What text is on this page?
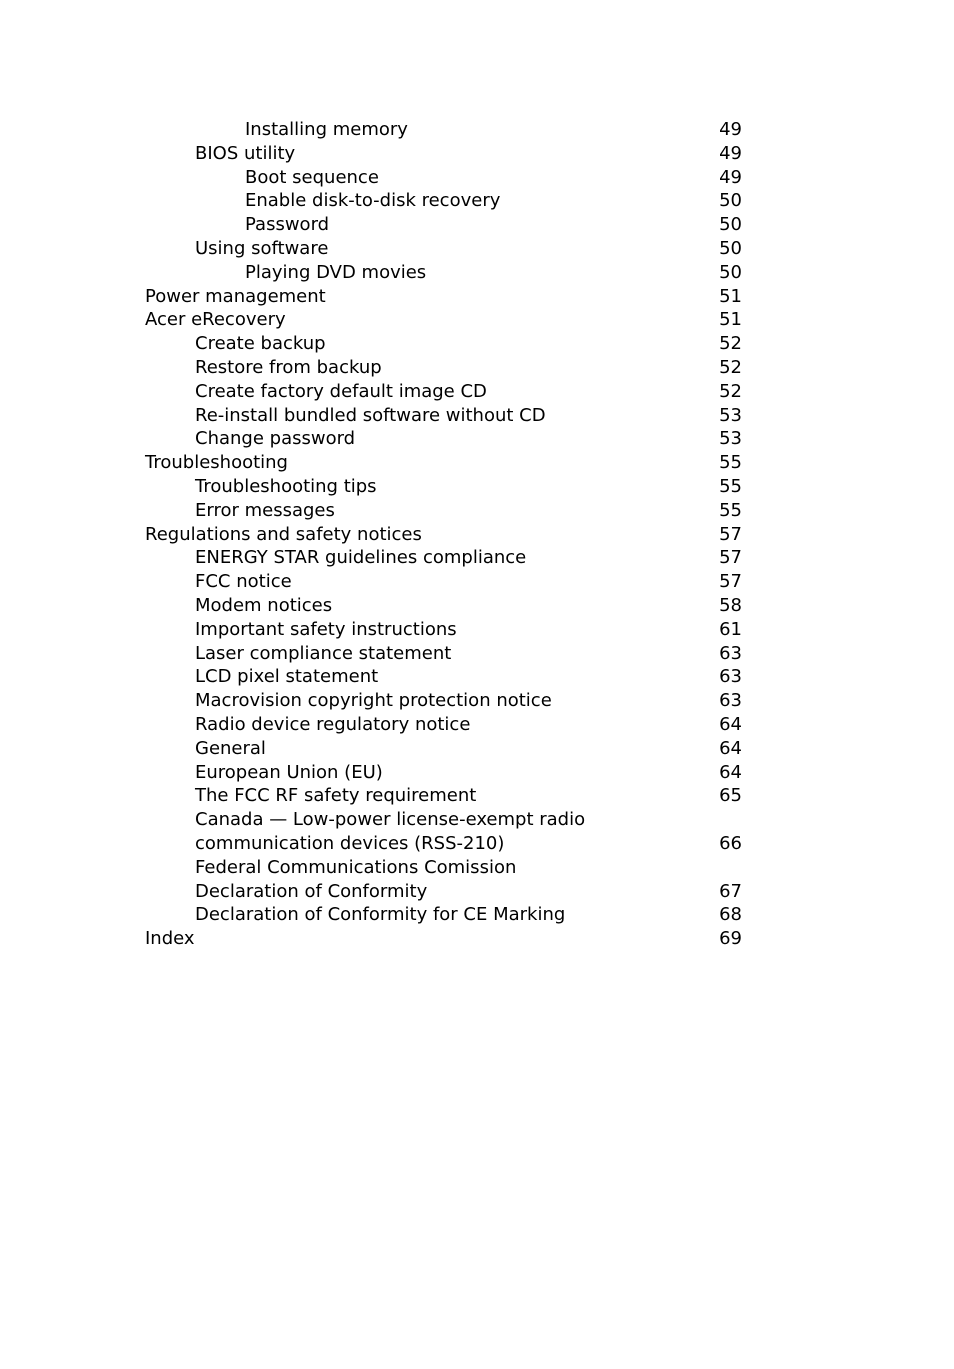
Installing memory	49
BIOS utility	49
Boot sequence	49
Enable disk-to-disk recovery	50
Password	50
Using software	50
Playing DVD movies	50
Power management	51
Acer eRecovery	51
Create backup	52
Restore from backup	52
Create factory default image CD	52
Re-install bundled software without CD	53
Change password	53
Troubleshooting	55
Troubleshooting tips	55
Error messages	55
Regulations and safety notices	57
ENERGY STAR guidelines compliance	57
FCC notice	57
Modem notices	58
Important safety instructions	61
Laser compliance statement	63
LCD pixel statement	63
Macrovision copyright protection notice	63
Radio device regulatory notice	64
General	64
European Union (EU)	64
The FCC RF safety requirement	65
Canada — Low-power license-exempt radio
communication devices (RSS-210)	66
Federal Communications Comission
Declaration of Conformity	67
Declaration of Conformity for CE Marking	68
Index	69
